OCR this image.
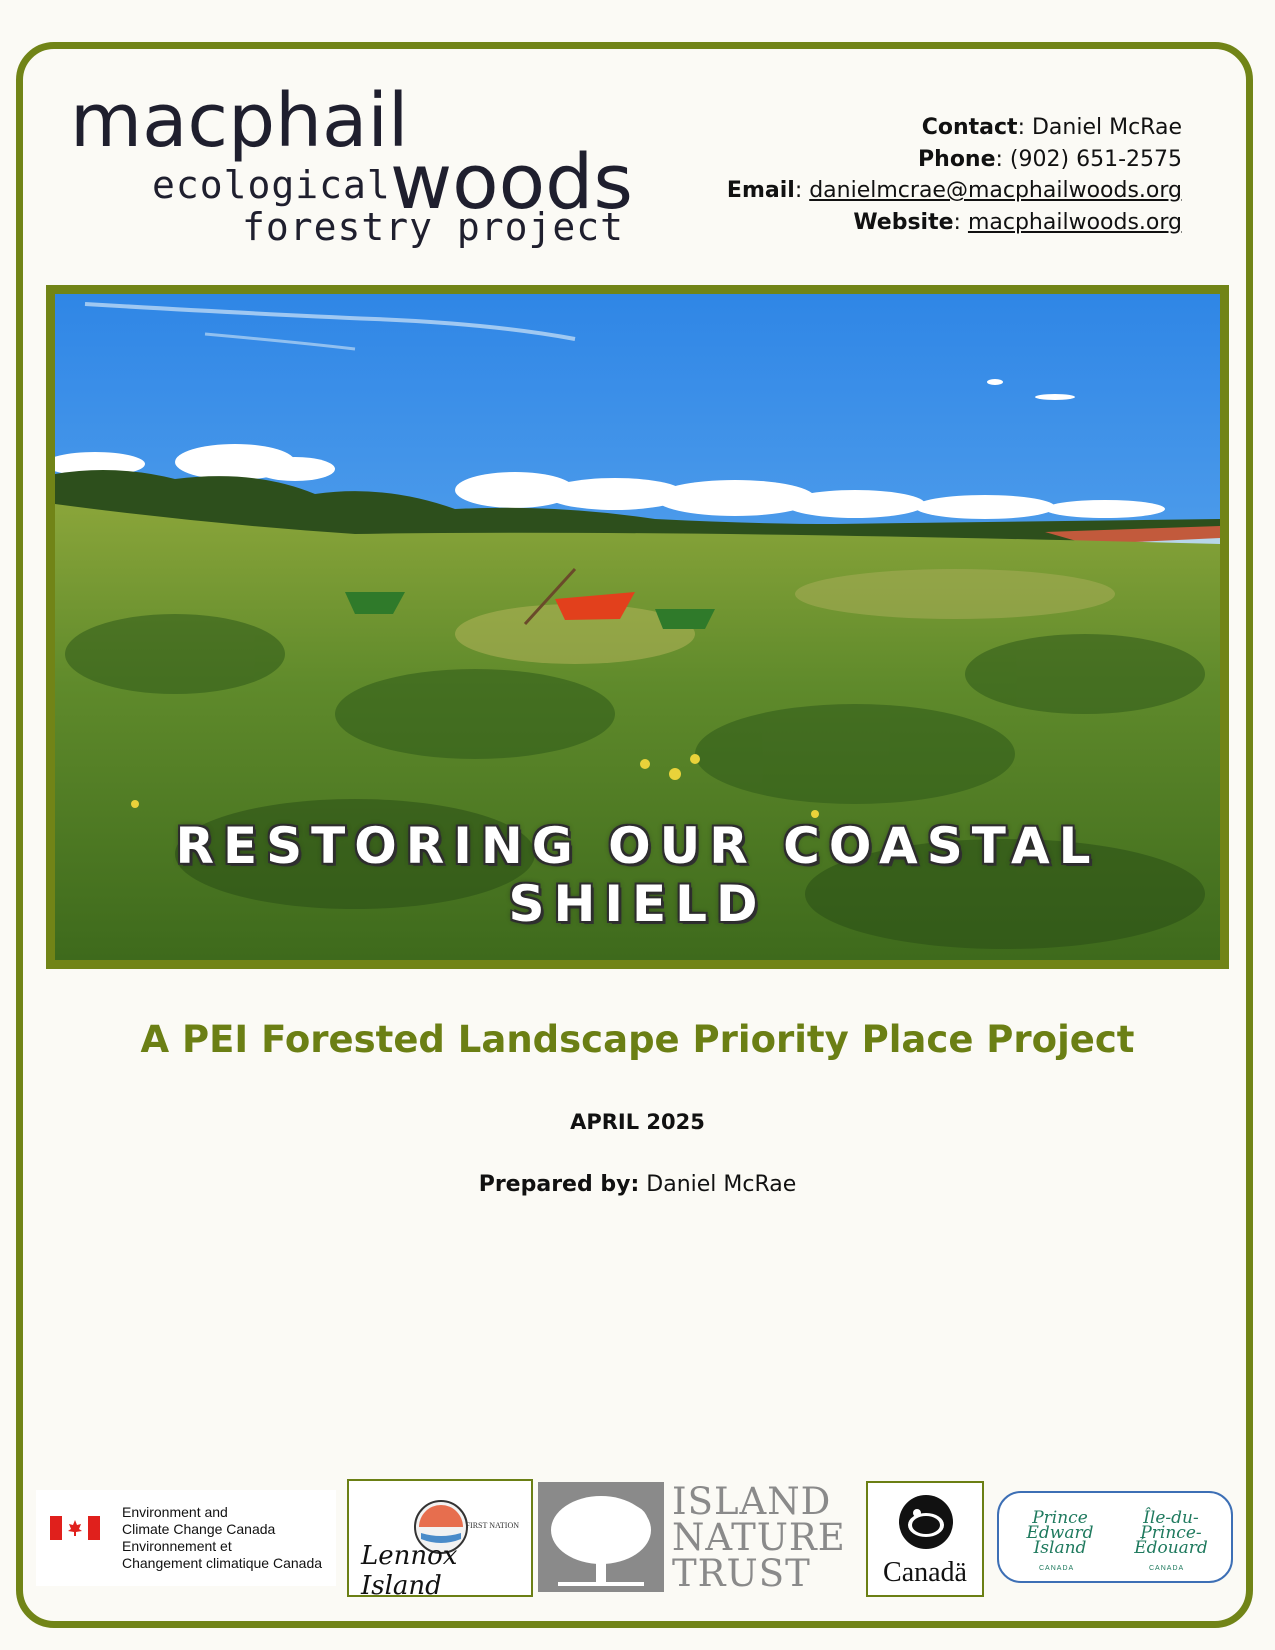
macphail
ecological woods
forestry project
Contact: Daniel McRae
Phone: (902) 651-2575
Email: danielmcrae@macphailwoods.org
Website: macphailwoods.org
RESTORING OUR COASTAL SHIELD
A PEI Forested Landscape Priority Place Project
APRIL 2025
Prepared by: Daniel McRae
Environment and
Climate Change Canada
Environnement et
Changement climatique Canada
FIRST NATION
Lennox Island
ISLAND
NATURE
TRUST	Canadä
Prince Edward Island
CANADA
Île-du-Prince-Édouard
CANADA
